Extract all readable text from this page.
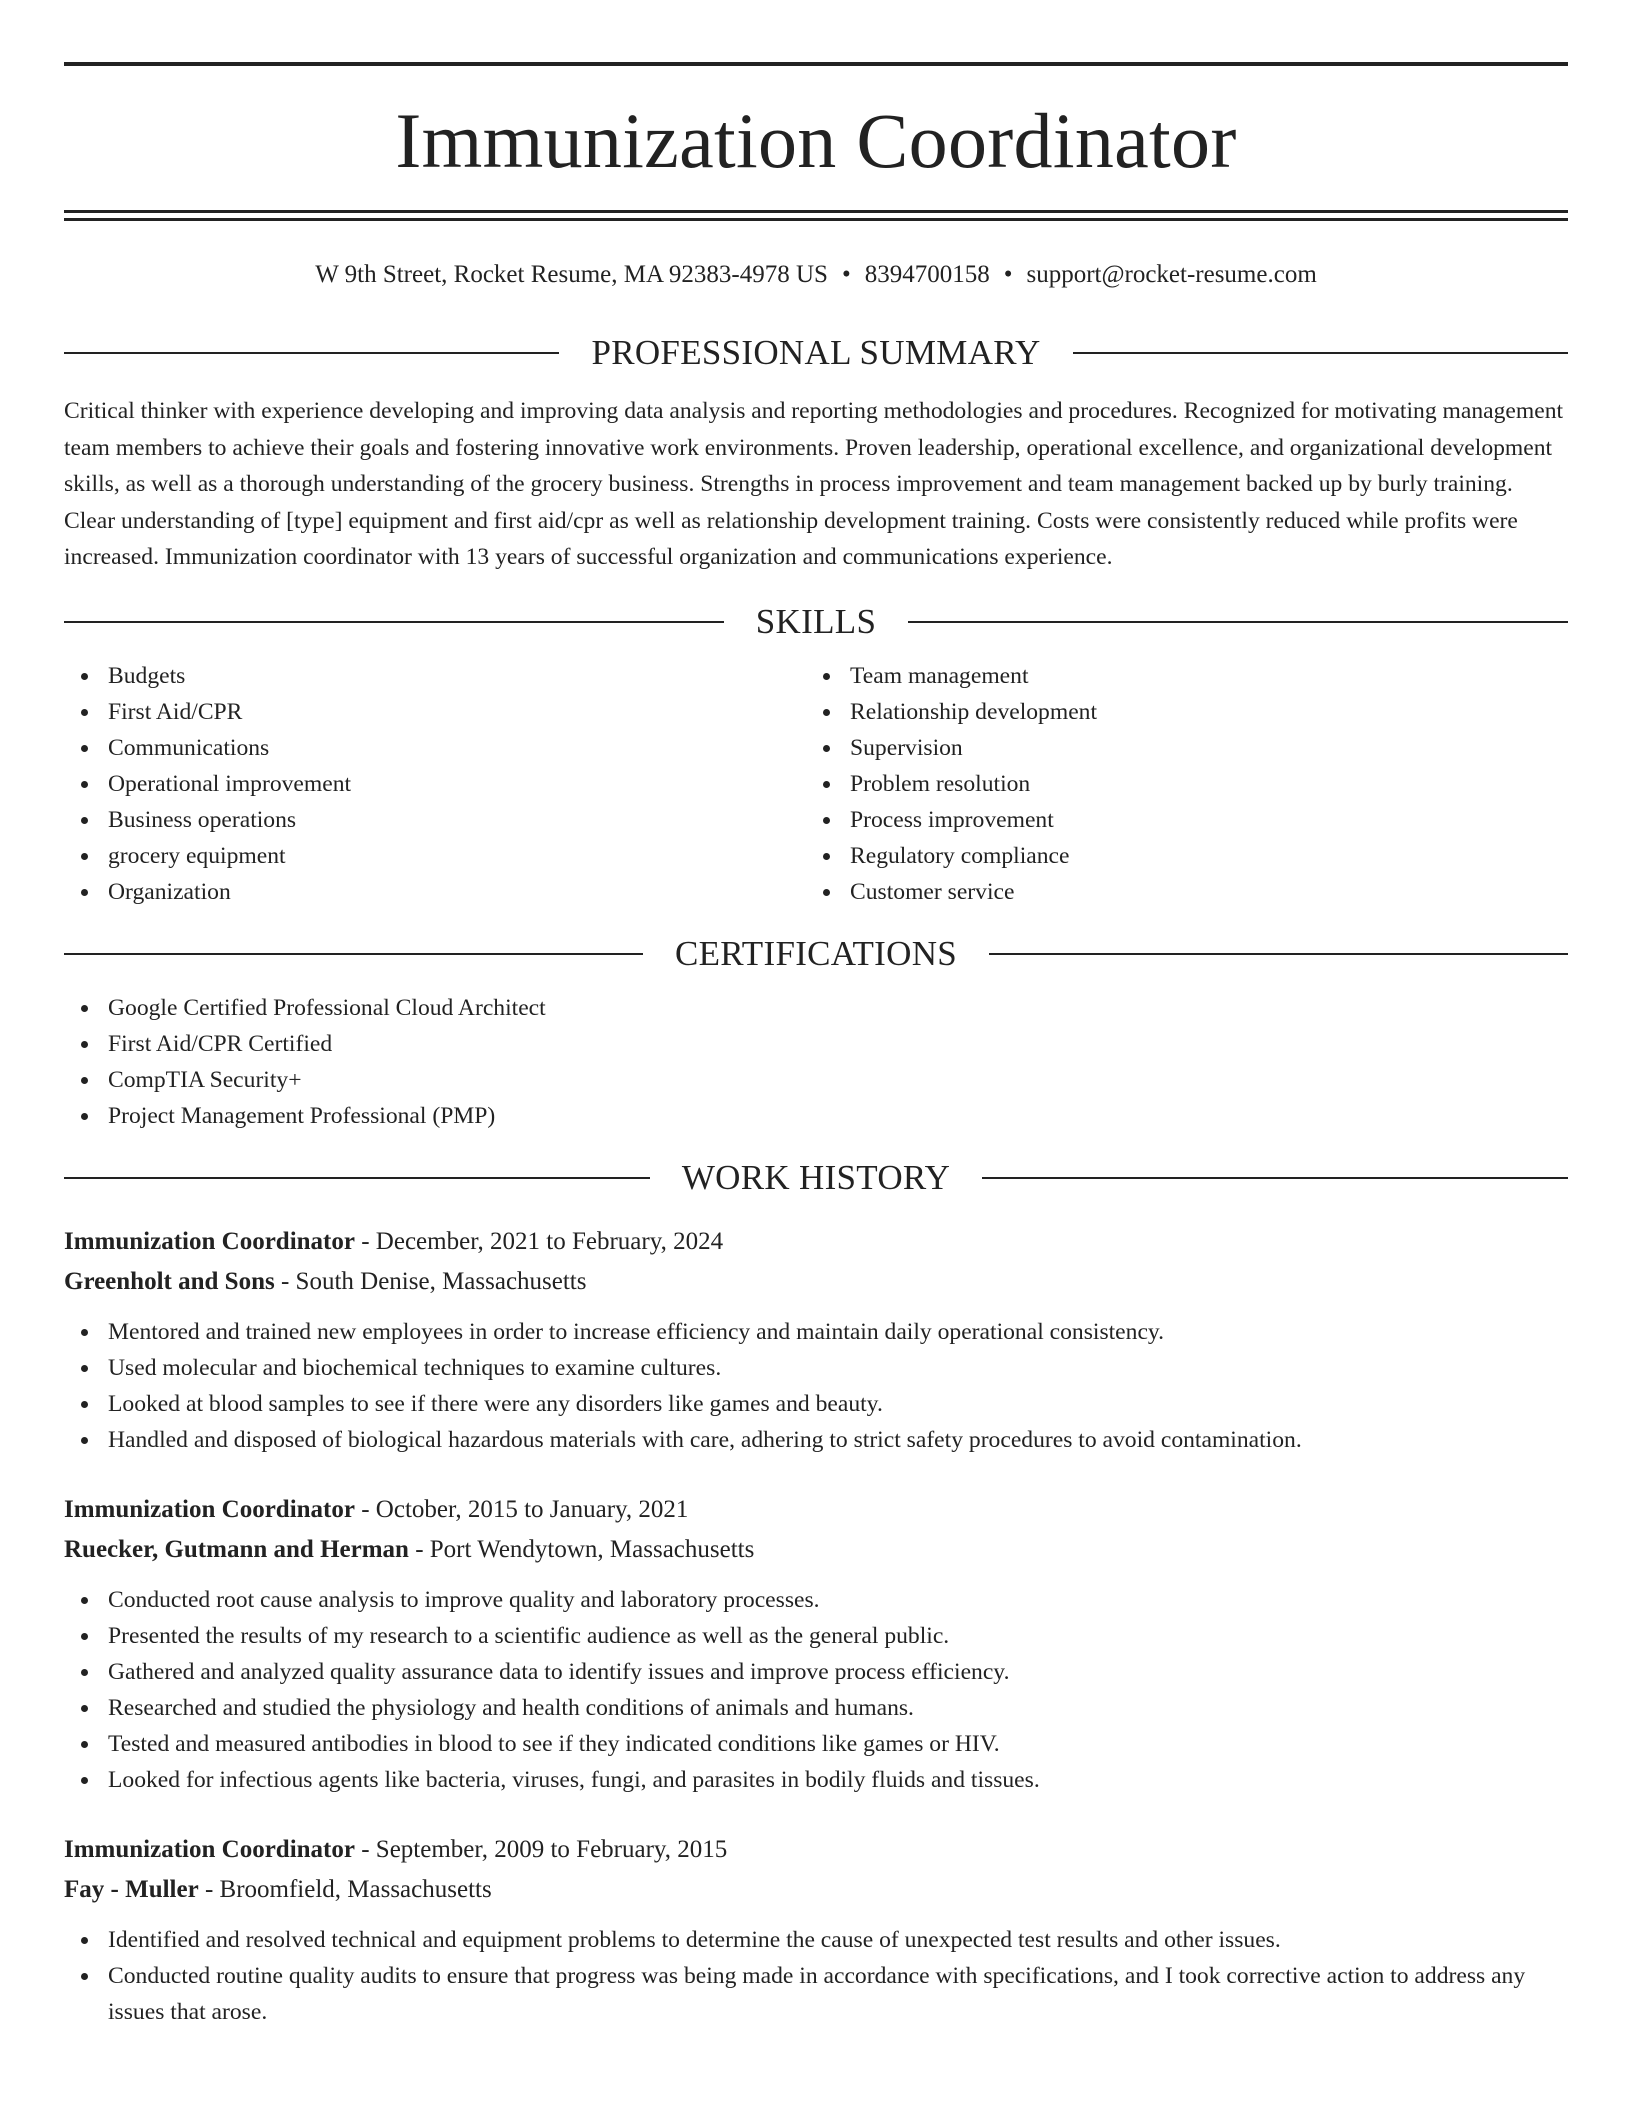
Immunization Coordinator
W 9th Street, Rocket Resume, MA 92383-4978 US • 8394700158 • support@rocket-resume.com
PROFESSIONAL SUMMARY
Critical thinker with experience developing and improving data analysis and reporting methodologies and procedures. Recognized for motivating management team members to achieve their goals and fostering innovative work environments. Proven leadership, operational excellence, and organizational development skills, as well as a thorough understanding of the grocery business. Strengths in process improvement and team management backed up by burly training. Clear understanding of [type] equipment and first aid/cpr as well as relationship development training. Costs were consistently reduced while profits were increased. Immunization coordinator with 13 years of successful organization and communications experience.
SKILLS
Budgets
First Aid/CPR
Communications
Operational improvement
Business operations
grocery equipment
Organization
Team management
Relationship development
Supervision
Problem resolution
Process improvement
Regulatory compliance
Customer service
CERTIFICATIONS
Google Certified Professional Cloud Architect
First Aid/CPR Certified
CompTIA Security+
Project Management Professional (PMP)
WORK HISTORY
Immunization Coordinator - December, 2021 to February, 2024
Greenholt and Sons - South Denise, Massachusetts
Mentored and trained new employees in order to increase efficiency and maintain daily operational consistency.
Used molecular and biochemical techniques to examine cultures.
Looked at blood samples to see if there were any disorders like games and beauty.
Handled and disposed of biological hazardous materials with care, adhering to strict safety procedures to avoid contamination.
Immunization Coordinator - October, 2015 to January, 2021
Ruecker, Gutmann and Herman - Port Wendytown, Massachusetts
Conducted root cause analysis to improve quality and laboratory processes.
Presented the results of my research to a scientific audience as well as the general public.
Gathered and analyzed quality assurance data to identify issues and improve process efficiency.
Researched and studied the physiology and health conditions of animals and humans.
Tested and measured antibodies in blood to see if they indicated conditions like games or HIV.
Looked for infectious agents like bacteria, viruses, fungi, and parasites in bodily fluids and tissues.
Immunization Coordinator - September, 2009 to February, 2015
Fay - Muller - Broomfield, Massachusetts
Identified and resolved technical and equipment problems to determine the cause of unexpected test results and other issues.
Conducted routine quality audits to ensure that progress was being made in accordance with specifications, and I took corrective action to address any issues that arose.
